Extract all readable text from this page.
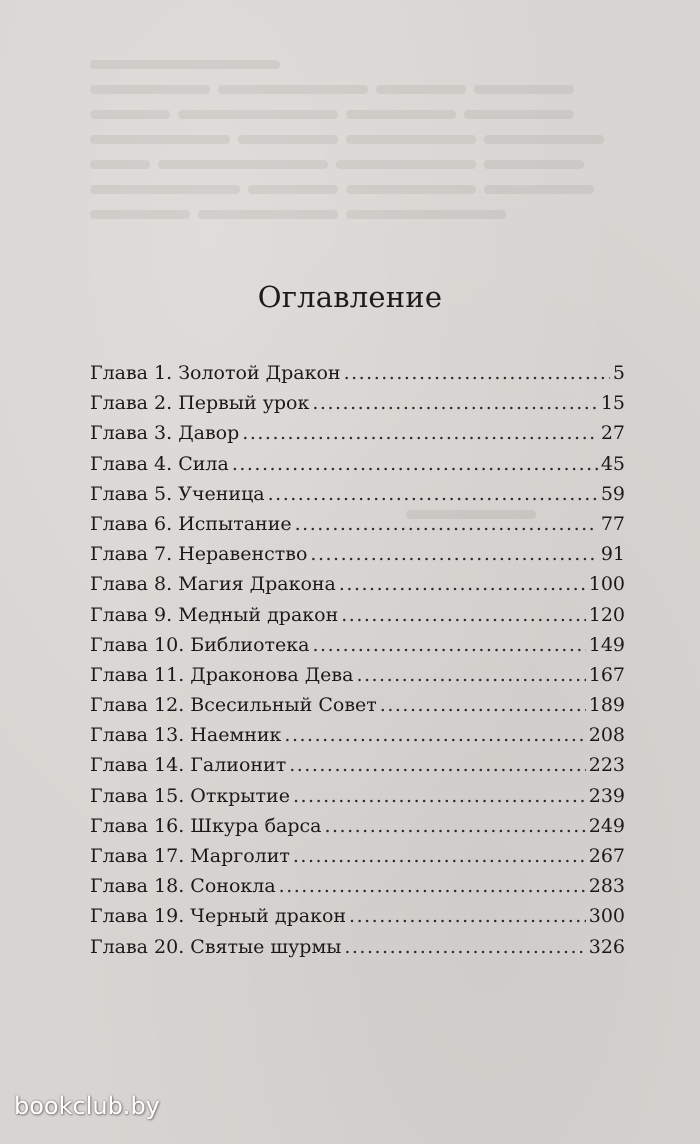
Оглавление
Глава 1. Золотой Дракон .....	5
Глава 2. Первый урок .....	15
Глава 3. Давор .....	27
Глава 4. Сила .....	45
Глава 5. Ученица .....	59
Глава 6. Испытание .....	77
Глава 7. Неравенство .....	91
Глава 8. Магия Дракона .....	100
Глава 9. Медный дракон .....	120
Глава 10. Библиотека .....	149
Глава 11. Драконова Дева .....	167
Глава 12. Всесильный Совет .....	189
Глава 13. Наемник .....	208
Глава 14. Галионит .....	223
Глава 15. Открытие .....	239
Глава 16. Шкура барса .....	249
Глава 17. Марголит .....	267
Глава 18. Сонокла .....	283
Глава 19. Черный дракон .....	300
Глава 20. Святые шурмы .....	326
bookclub.by
